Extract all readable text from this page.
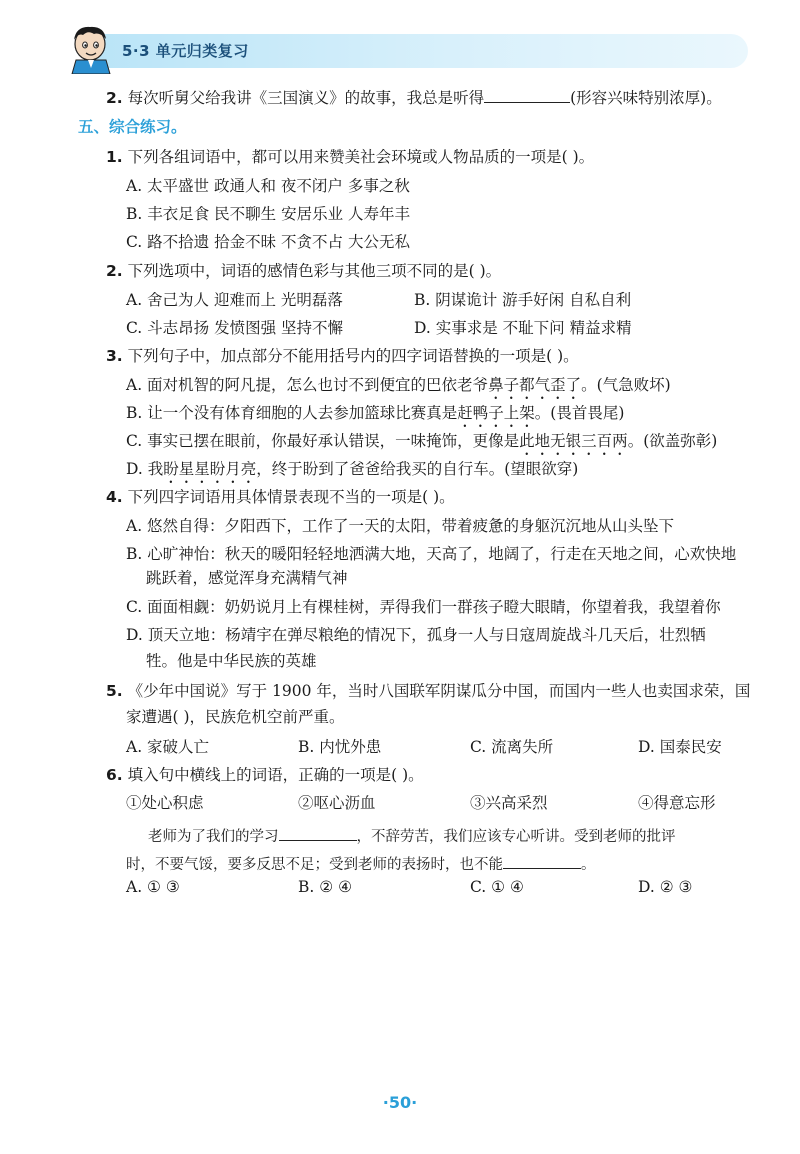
5·3 单元归类复习
2. 每次听舅父给我讲《三国演义》的故事，我总是听得	(形容兴味特别浓厚)。
五、综合练习。
1. 下列各组词语中，都可以用来赞美社会环境或人物品质的一项是( )。
A. 太平盛世 政通人和 夜不闭户 多事之秋
B. 丰衣足食 民不聊生 安居乐业 人寿年丰
C. 路不拾遗 拾金不昧 不贪不占 大公无私
2. 下列选项中，词语的感情色彩与其他三项不同的是( )。
A. 舍己为人 迎难而上 光明磊落	B. 阴谋诡计 游手好闲 自私自利
C. 斗志昂扬 发愤图强 坚持不懈	D. 实事求是 不耻下问 精益求精
3. 下列句子中，加点部分不能用括号内的四字词语替换的一项是( )。
A. 面对机智的阿凡提，怎么也讨不到便宜的巴依老爷鼻子都气歪了。(气急败坏)
B. 让一个没有体育细胞的人去参加篮球比赛真是赶鸭子上架。(畏首畏尾)
C. 事实已摆在眼前，你最好承认错误，一味掩饰，更像是此地无银三百两。(欲盖弥彰)
D. 我盼星星盼月亮，终于盼到了爸爸给我买的自行车。(望眼欲穿)
4. 下列四字词语用具体情景表现不当的一项是( )。
A. 悠然自得：夕阳西下，工作了一天的太阳，带着疲惫的身躯沉沉地从山头坠下
B. 心旷神怡：秋天的暖阳轻轻地洒满大地，天高了，地阔了，行走在天地之间，心欢快地
跳跃着，感觉浑身充满精气神
C. 面面相觑：奶奶说月上有棵桂树，弄得我们一群孩子瞪大眼睛，你望着我，我望着你
D. 顶天立地：杨靖宇在弹尽粮绝的情况下，孤身一人与日寇周旋战斗几天后，壮烈牺
牲。他是中华民族的英雄
5. 《少年中国说》写于 1900 年，当时八国联军阴谋瓜分中国，而国内一些人也卖国求荣，国
家遭遇( )，民族危机空前严重。
A. 家破人亡	B. 内忧外患	C. 流离失所	D. 国泰民安
6. 填入句中横线上的词语，正确的一项是( )。
①处心积虑	②呕心沥血	③兴高采烈	④得意忘形
老师为了我们的学习	，不辞劳苦，我们应该专心听讲。受到老师的批评
时，不要气馁，要多反思不足；受到老师的表扬时，也不能	。
A. ① ③	B. ② ④	C. ① ④	D. ② ③
·50·
